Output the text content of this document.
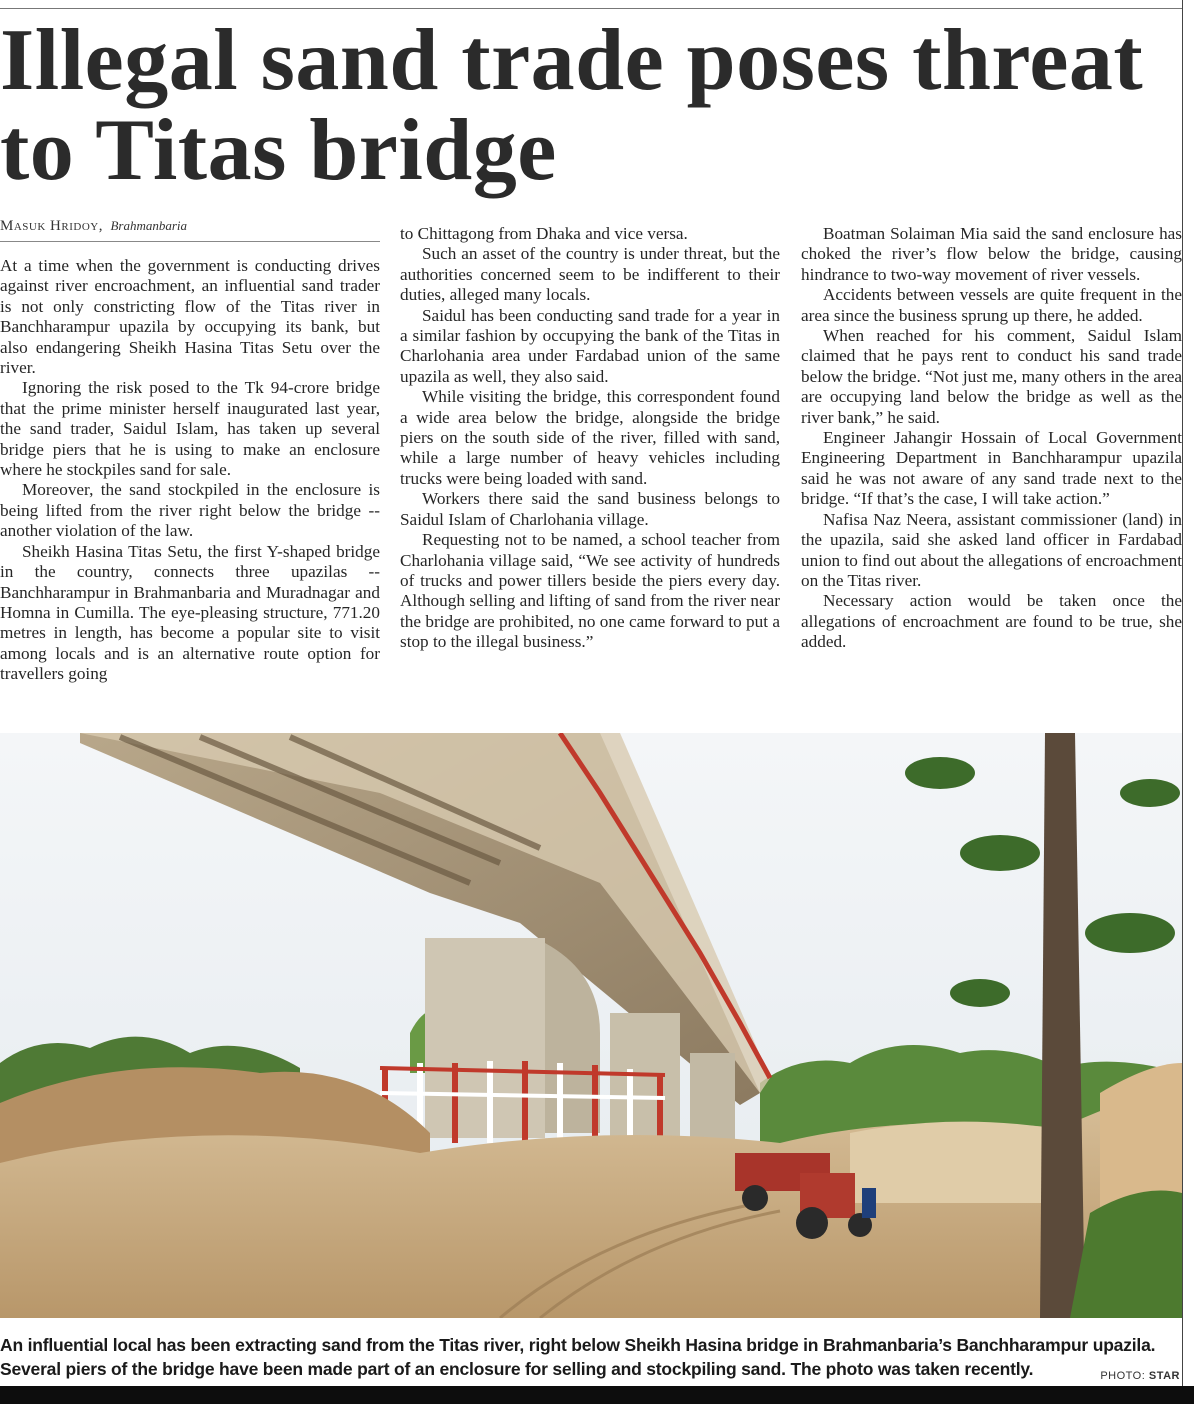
Illegal sand trade poses threat to Titas bridge
Masuk Hridoy, Brahmanbaria

At a time when the government is conducting drives against river encroachment, an influential sand trader is not only constricting flow of the Titas river in Banchharampur upazila by occupying its bank, but also endangering Sheikh Hasina Titas Setu over the river.

Ignoring the risk posed to the Tk 94-crore bridge that the prime minister herself inaugurated last year, the sand trader, Saidul Islam, has taken up several bridge piers that he is using to make an enclosure where he stockpiles sand for sale.

Moreover, the sand stockpiled in the enclosure is being lifted from the river right below the bridge -- another violation of the law.

Sheikh Hasina Titas Setu, the first Y-shaped bridge in the country, connects three upazilas -- Banchharampur in Brahmanbaria and Muradnagar and Homna in Cumilla. The eye-pleasing structure, 771.20 metres in length, has become a popular site to visit among locals and is an alternative route option for travellers going

to Chittagong from Dhaka and vice versa.

Such an asset of the country is under threat, but the authorities concerned seem to be indifferent to their duties, alleged many locals.

Saidul has been conducting sand trade for a year in a similar fashion by occupying the bank of the Titas in Charlohania area under Fardabad union of the same upazila as well, they also said.

While visiting the bridge, this correspondent found a wide area below the bridge, alongside the bridge piers on the south side of the river, filled with sand, while a large number of heavy vehicles including trucks were being loaded with sand.

Workers there said the sand business belongs to Saidul Islam of Charlohania village.

Requesting not to be named, a school teacher from Charlohania village said, “We see activity of hundreds of trucks and power tillers beside the piers every day. Although selling and lifting of sand from the river near the bridge are prohibited, no one came forward to put a stop to the illegal business.”

Boatman Solaiman Mia said the sand enclosure has choked the river’s flow below the bridge, causing hindrance to two-way movement of river vessels.

Accidents between vessels are quite frequent in the area since the business sprung up there, he added.

When reached for his comment, Saidul Islam claimed that he pays rent to conduct his sand trade below the bridge. “Not just me, many others in the area are occupying land below the bridge as well as the river bank,” he said.

Engineer Jahangir Hossain of Local Government Engineering Department in Banchharampur upazila said he was not aware of any sand trade next to the bridge. “If that’s the case, I will take action.”

Nafisa Naz Neera, assistant commissioner (land) in the upazila, said she asked land officer in Fardabad union to find out about the allegations of encroachment on the Titas river.

Necessary action would be taken once the allegations of encroachment are found to be true, she added.

An influential local has been extracting sand from the Titas river, right below Sheikh Hasina bridge in Brahmanbaria’s Banchharampur upazila. Several piers of the bridge have been made part of an enclosure for selling and stockpiling sand. The photo was taken recently.	PHOTO: STAR
